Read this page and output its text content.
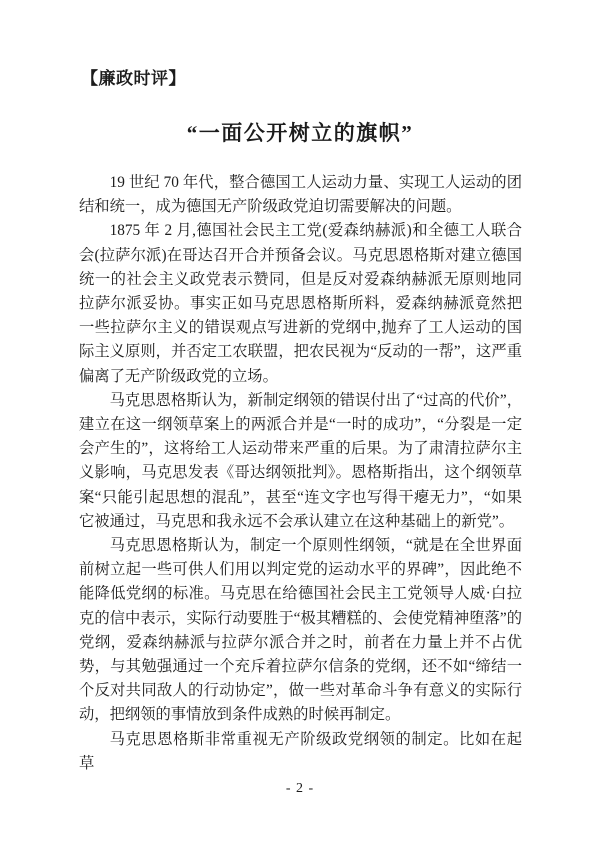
【廉政时评】
“一面公开树立的旗帜”

19 世纪 70 年代，整合德国工人运动力量、实现工人运动的团结和统一，成为德国无产阶级政党迫切需要解决的问题。

1875 年 2 月,德国社会民主工党(爱森纳赫派)和全德工人联合会(拉萨尔派)在哥达召开合并预备会议。马克思恩格斯对建立德国统一的社会主义政党表示赞同，但是反对爱森纳赫派无原则地同拉萨尔派妥协。事实正如马克思恩格斯所料，爱森纳赫派竟然把一些拉萨尔主义的错误观点写进新的党纲中,抛弃了工人运动的国际主义原则，并否定工农联盟，把农民视为“反动的一帮”，这严重偏离了无产阶级政党的立场。

马克思恩格斯认为，新制定纲领的错误付出了“过高的代价”，建立在这一纲领草案上的两派合并是“一时的成功”，“分裂是一定会产生的”，这将给工人运动带来严重的后果。为了肃清拉萨尔主义影响，马克思发表《哥达纲领批判》。恩格斯指出，这个纲领草案“只能引起思想的混乱”，甚至“连文字也写得干瘪无力”，“如果它被通过，马克思和我永远不会承认建立在这种基础上的新党”。

马克思恩格斯认为，制定一个原则性纲领，“就是在全世界面前树立起一些可供人们用以判定党的运动水平的界碑”，因此绝不能降低党纲的标准。马克思在给德国社会民主工党领导人威·白拉克的信中表示，实际行动要胜于“极其糟糕的、会使党精神堕落”的党纲，爱森纳赫派与拉萨尔派合并之时，前者在力量上并不占优势，与其勉强通过一个充斥着拉萨尔信条的党纲，还不如“缔结一个反对共同敌人的行动协定”，做一些对革命斗争有意义的实际行动，把纲领的事情放到条件成熟的时候再制定。

马克思恩格斯非常重视无产阶级政党纲领的制定。比如在起草

- 2 -
